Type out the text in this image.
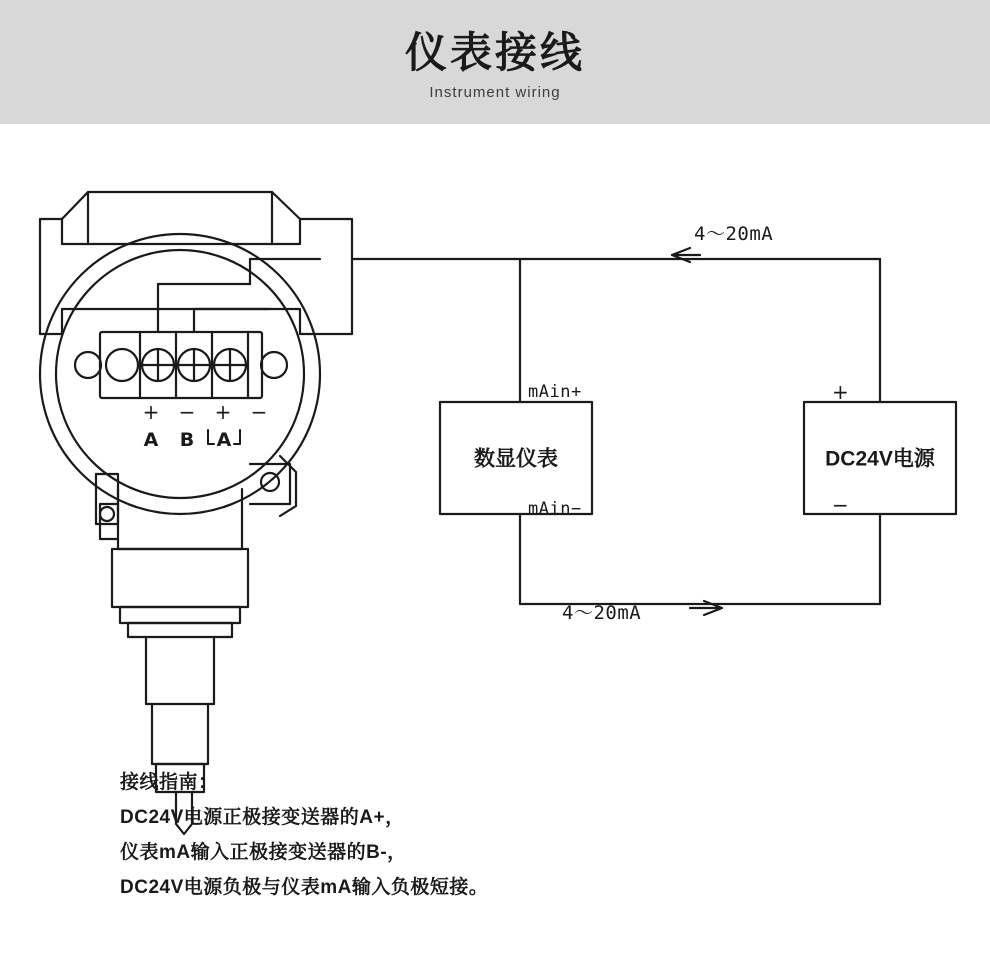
仪表接线
Instrument wiring
数显仪表	DC24V电源
4～20mA
4～20mA
mAin+
mAin−
+
−
+ − + −
A B A
接线指南：
DC24V电源正极接变送器的A+，
仪表mA输入正极接变送器的B-，
DC24V电源负极与仪表mA输入负极短接。
